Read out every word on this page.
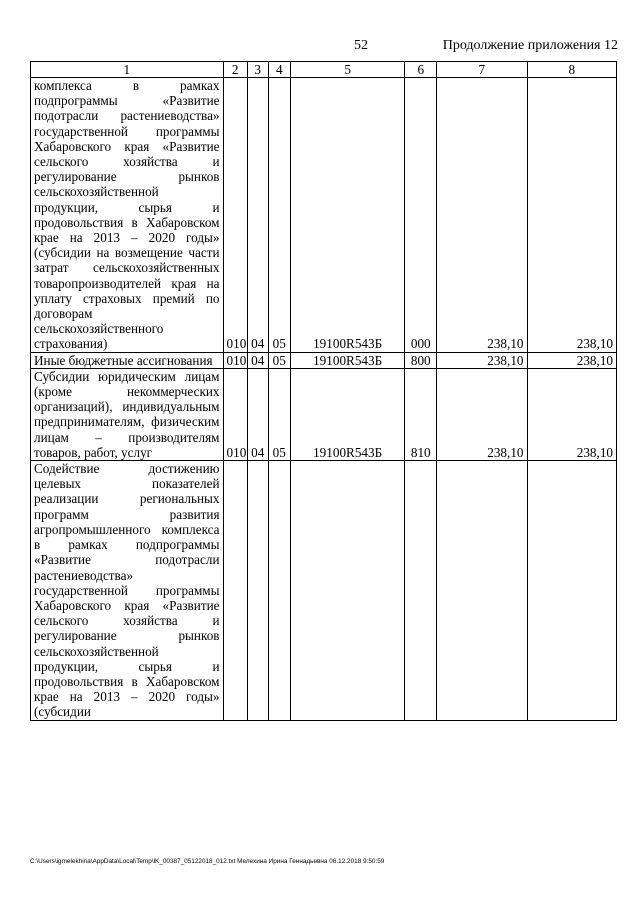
52	Продолжение приложения 12
1	2	3	4	5	6	7	8
комплекса в рамках подпрограммы «Развитие подотрасли растениеводства» государственной программы Хабаровского края «Развитие сельского хозяйства и регулирование рынков сельскохозяйственной продукции, сырья и продовольствия в Хабаровском крае на 2013 – 2020 годы» (субсидии на возмещение части затрат сельскохозяйственных товаропроизводителей края на уплату страховых премий по договорам сельскохозяйственного страхования)	010	04	05	19100R543Б	000	238,10	238,10
Иные бюджетные ассигнования	010	04	05	19100R543Б	800	238,10	238,10
Субсидии юридическим лицам (кроме некоммерческих организаций), индивидуальным предпринимателям, физическим лицам – производителям товаров, работ, услуг	010	04	05	19100R543Б	810	238,10	238,10
Содействие достижению целевых показателей реализации региональных программ развития агропромышленного комплекса в рамках подпрограммы «Развитие подотрасли растениеводства» государственной программы Хабаровского края «Развитие сельского хозяйства и регулирование рынков сельскохозяйственной продукции, сырья и продовольствия в Хабаровском крае на 2013 – 2020 годы» (субсидии							
C:\Users\igmelekhina\AppData\Local\Temp\lK_00387_05122018_012.txt Мелехина Ирина Геннадьевна 06.12.2018 9:50:59
